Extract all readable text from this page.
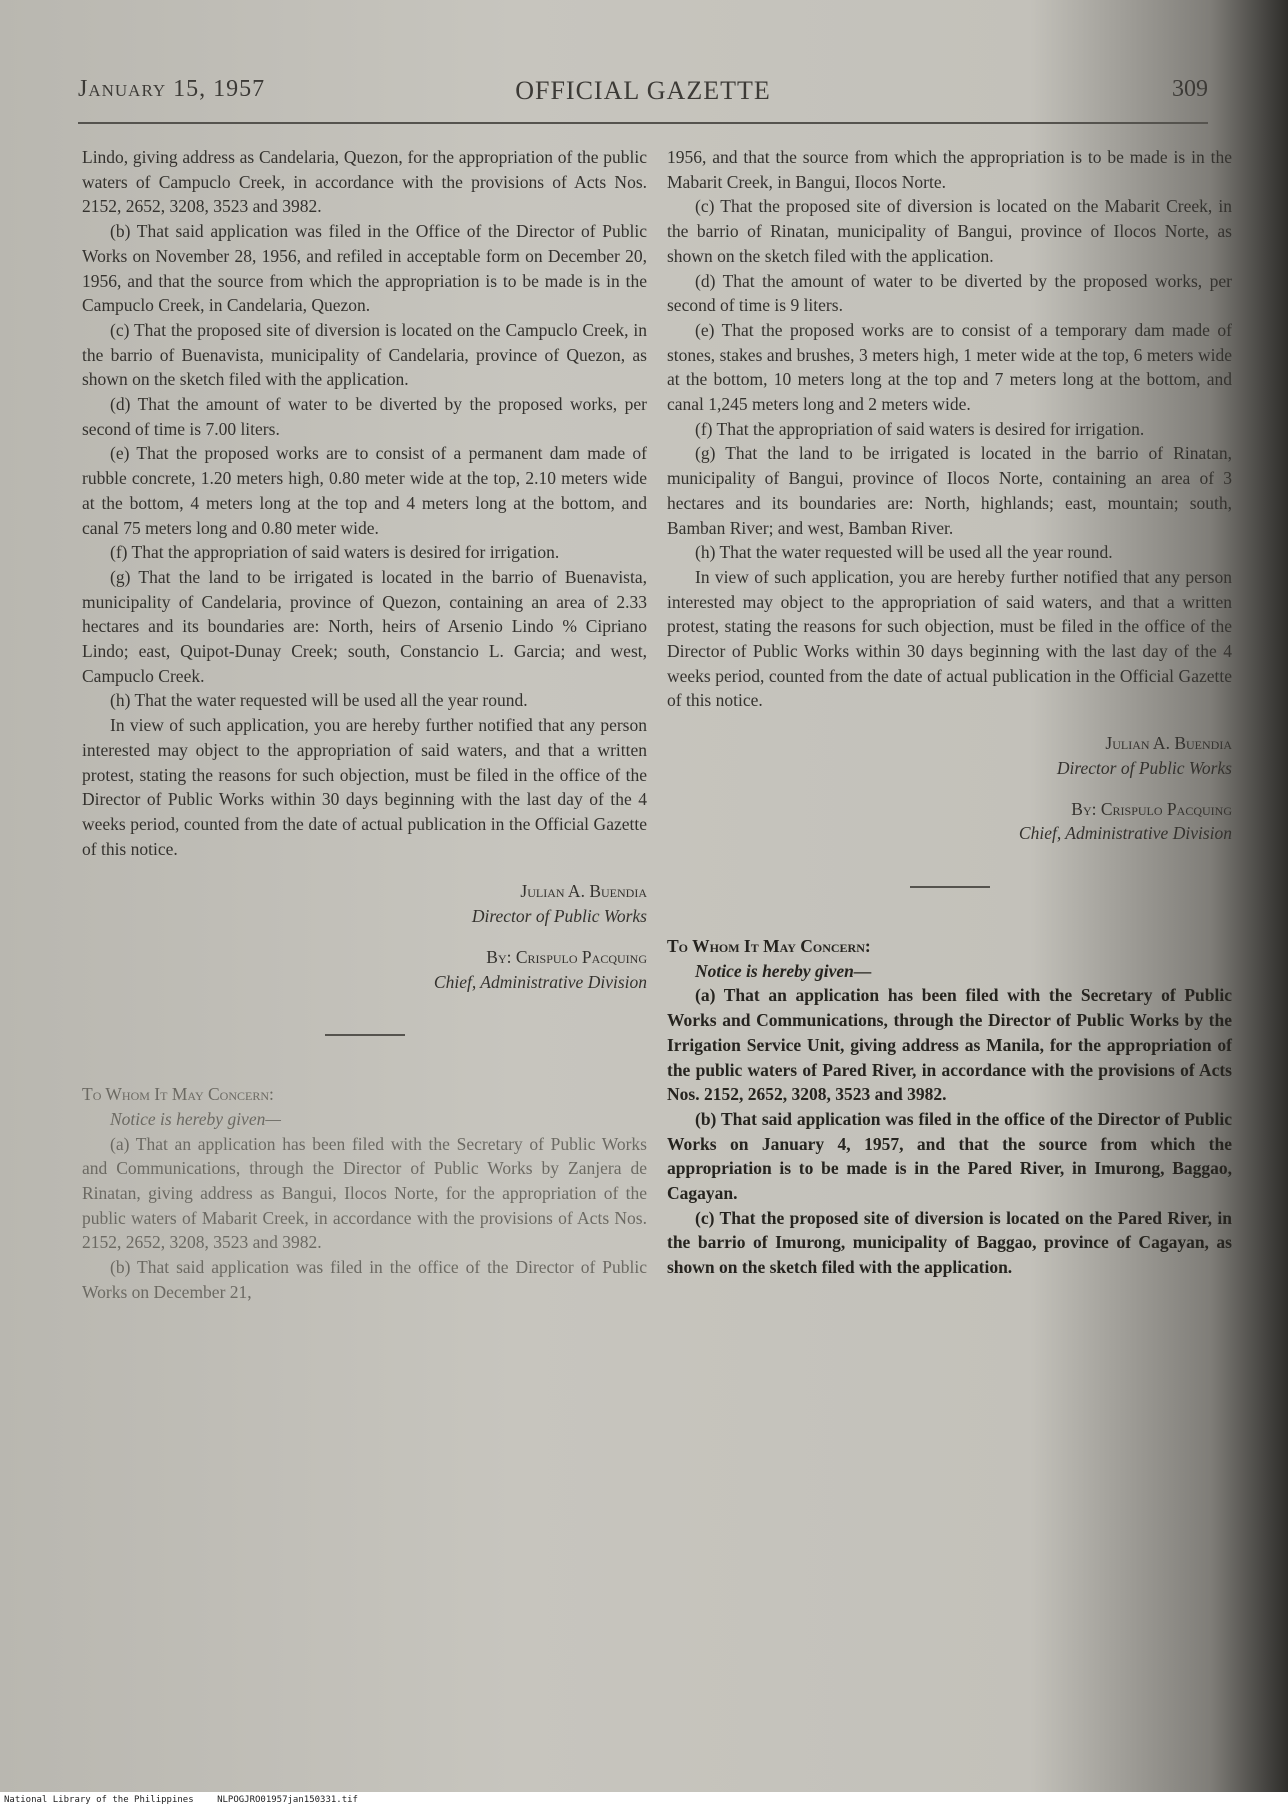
January 15, 1957	OFFICIAL GAZETTE	309

Lindo, giving address as Candelaria, Quezon, for the appropriation of the public waters of Campuclo Creek, in accordance with the provisions of Acts Nos. 2152, 2652, 3208, 3523 and 3982.

(b) That said application was filed in the Office of the Director of Public Works on November 28, 1956, and refiled in acceptable form on December 20, 1956, and that the source from which the appropriation is to be made is in the Campuclo Creek, in Candelaria, Quezon.

(c) That the proposed site of diversion is located on the Campuclo Creek, in the barrio of Buenavista, municipality of Candelaria, province of Quezon, as shown on the sketch filed with the application.

(d) That the amount of water to be diverted by the proposed works, per second of time is 7.00 liters.

(e) That the proposed works are to consist of a permanent dam made of rubble concrete, 1.20 meters high, 0.80 meter wide at the top, 2.10 meters wide at the bottom, 4 meters long at the top and 4 meters long at the bottom, and canal 75 meters long and 0.80 meter wide.

(f) That the appropriation of said waters is desired for irrigation.

(g) That the land to be irrigated is located in the barrio of Buenavista, municipality of Candelaria, province of Quezon, containing an area of 2.33 hectares and its boundaries are: North, heirs of Arsenio Lindo % Cipriano Lindo; east, Quipot-Dunay Creek; south, Constancio L. Garcia; and west, Campuclo Creek.

(h) That the water requested will be used all the year round.

In view of such application, you are hereby further notified that any person interested may object to the appropriation of said waters, and that a written protest, stating the reasons for such objection, must be filed in the office of the Director of Public Works within 30 days beginning with the last day of the 4 weeks period, counted from the date of actual publication in the Official Gazette of this notice.

Julian A. Buendia
Director of Public Works
By: Crispulo Pacquing
Chief, Administrative Division

To Whom It May Concern:

Notice is hereby given—

(a) That an application has been filed with the Secretary of Public Works and Communications, through the Director of Public Works by Zanjera de Rinatan, giving address as Bangui, Ilocos Norte, for the appropriation of the public waters of Mabarit Creek, in accordance with the provisions of Acts Nos. 2152, 2652, 3208, 3523 and 3982.

(b) That said application was filed in the office of the Director of Public Works on December 21,

1956, and that the source from which the appropriation is to be made is in the Mabarit Creek, in Bangui, Ilocos Norte.

(c) That the proposed site of diversion is located on the Mabarit Creek, in the barrio of Rinatan, municipality of Bangui, province of Ilocos Norte, as shown on the sketch filed with the application.

(d) That the amount of water to be diverted by the proposed works, per second of time is 9 liters.

(e) That the proposed works are to consist of a temporary dam made of stones, stakes and brushes, 3 meters high, 1 meter wide at the top, 6 meters wide at the bottom, 10 meters long at the top and 7 meters long at the bottom, and canal 1,245 meters long and 2 meters wide.

(f) That the appropriation of said waters is desired for irrigation.

(g) That the land to be irrigated is located in the barrio of Rinatan, municipality of Bangui, province of Ilocos Norte, containing an area of 3 hectares and its boundaries are: North, highlands; east, mountain; south, Bamban River; and west, Bamban River.

(h) That the water requested will be used all the year round.

In view of such application, you are hereby further notified that any person interested may object to the appropriation of said waters, and that a written protest, stating the reasons for such objection, must be filed in the office of the Director of Public Works within 30 days beginning with the last day of the 4 weeks period, counted from the date of actual publication in the Official Gazette of this notice.

Julian A. Buendia
Director of Public Works
By: Crispulo Pacquing
Chief, Administrative Division

To Whom It May Concern:

Notice is hereby given—

(a) That an application has been filed with the Secretary of Public Works and Communications, through the Director of Public Works by the Irrigation Service Unit, giving address as Manila, for the appropriation of the public waters of Pared River, in accordance with the provisions of Acts Nos. 2152, 2652, 3208, 3523 and 3982.

(b) That said application was filed in the office of the Director of Public Works on January 4, 1957, and that the source from which the appropriation is to be made is in the Pared River, in Imurong, Baggao, Cagayan.

(c) That the proposed site of diversion is located on the Pared River, in the barrio of Imurong, municipality of Baggao, province of Cagayan, as shown on the sketch filed with the application.

National Library of the Philippines	NLPOGJRO01957jan150331.tif
